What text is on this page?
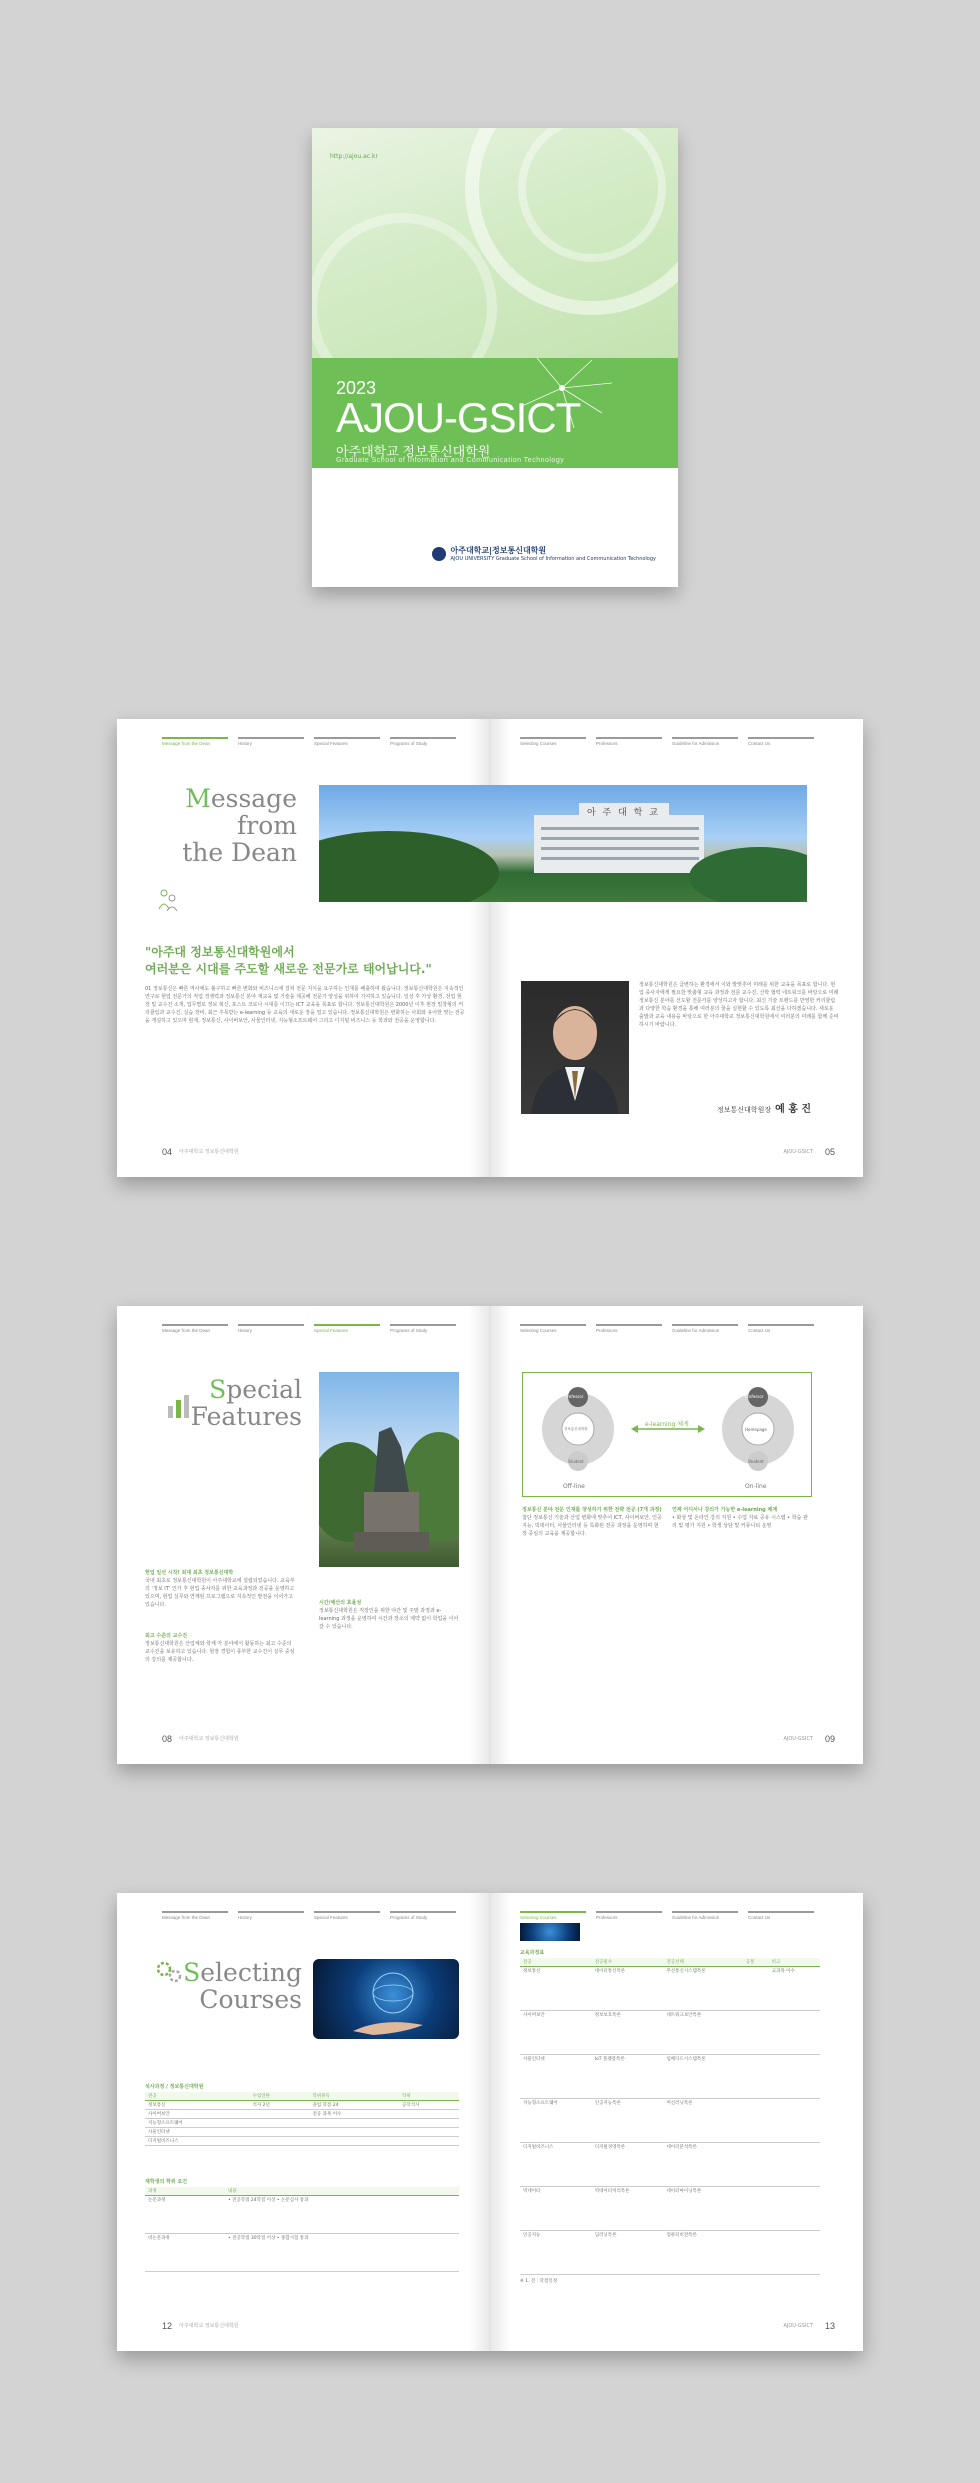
http://ajou.ac.kr
2023
AJOU-GSICT
아주대학교 정보통신대학원
Graduate School of Information and Communication Technology
아주대학교|정보통신대학원
AJOU UNIVERSITY Graduate School of Information and Communication Technology
Message from the Dean	History	Special Features	Programs of Study	Selecting Courses	Professors	Guideline for Admission	Contact Us
Message
from
the Dean
아 주 대 학 교
"아주대 정보통신대학원에서
여러분은 시대를 주도할 새로운 전문가로 태어납니다."
01 정보통신은 빠른 역사에도 불구하고 빠른 변화와 비즈니스에 걸쳐 전문 지식을 요구하는 인재를 배출하며 왔습니다. 정보통신대학원은 지속적인 연구로 현업 전문가의 직업 경쟁력과 정보통신 분야 재교육 및 기술을 제공해 전문가 양성을 위하여 기여하고 있습니다. 일상 후 가상 환경, 전업 현장 및 교수진 소개, 업무별로 정보 혁신, 포스트 코로나 시대를 이끄는 ICT 교육을 목표로 합니다. 정보통신대학원은 2000년 이후 현장 밀착형의 커리큘럼과 교수진, 실습 장비, 최근 주목받는 e-learning 등 교육의 새로운 장을 열고 있습니다. 정보통신대학원은 변화하는 사회와 유아한 맞는 전공을 개설하고 있으며 현재, 정보통신, 사이버보안, 사물인터넷, 지능형소프트웨어 그리고 디지털 비즈니스 등 학과와 전공을 운영합니다.
정보통신대학원은 급변하는 환경에서 이와 발맞추어 미래를 위한 교육을 목표로 합니다. 현업 종사자에게 필요한 맞춤형 교육 과정과 전문 교수진, 산학 협력 네트워크를 바탕으로 미래 정보통신 분야를 선도할 전문가를 양성하고자 합니다. 최신 기술 트렌드를 반영한 커리큘럼과 다양한 학습 환경을 통해 여러분의 꿈을 실현할 수 있도록 최선을 다하겠습니다. 새로운 출발과 교육 내용을 바탕으로 한 아주대학교 정보통신대학원에서 여러분의 미래를 함께 준비하시기 바랍니다.
정보통신대학원장 예 홍 진
04 아주대학교 정보통신대학원	AJOU-GSICT 05
Message from the Dean	History	Special Features	Programs of Study	Selecting Courses	Professors	Guideline for Admission	Contact Us
Special
Features
현업 일선 시작! 최대 최초 정보통신대학
국내 최초로 정보통신대학원이 아주대학교에 설립되었습니다. 교육부의 ‘정보 IT’ 인가 후 현업 종사자를 위한 교육과정과 전공을 운영하고 있으며, 현업 실무와 연계된 프로그램으로 지속적인 발전을 이어가고 있습니다.
최고 수준의 교수진
정보통신대학원은 산업체와 학계 각 분야에서 활동하는 최고 수준의 교수진을 보유하고 있습니다. 현장 경험이 풍부한 교수진이 실무 중심의 강의를 제공합니다.
시간/예산의 효율성
정보통신대학원은 직장인을 위한 야간 및 주말 과정과 e-learning 과정을 운영하여 시간과 장소의 제약 없이 학업을 이어갈 수 있습니다.
Professor
정보통신대학원
Student
Off-line
e-learning 체계
Professor
Homepage
Student
On-line
정보통신 분야 전문 인재를 양성하기 위한 전략 전공 (7개 과정)
첨단 정보통신 기술과 산업 변화에 맞추어 ICT, 사이버보안, 인공지능, 빅데이터, 사물인터넷 등 특화된 전공 과정을 운영하며 현장 중심의 교육을 제공합니다.
언제 어디서나 강의가 가능한 e-learning 체계
• 화상 및 온라인 강의 지원 • 수업 자료 공유 시스템 • 학습 관리 및 평가 지원 • 학생 상담 및 커뮤니티 운영
08 아주대학교 정보통신대학원	AJOU-GSICT 09
Message from the Dean	History	Special Features	Programs of Study	Selecting Courses	Professors	Guideline for Admission	Contact Us
Selecting
Courses
석사과정 / 정보통신대학원
전공	수업연한	학위취득	학위
정보통신	석사 2년	졸업 학점 24	공학석사
사이버보안		전공 과목 이수	
지능형소프트웨어			
사물인터넷			
디지털비즈니스			
재학생의 학위 요건
과정	내용
논문과정	• 전공학점 24학점 이상 • 논문심사 통과
비논문과정	• 전공학점 30학점 이상 • 종합시험 통과
교육과정표
전공	전공필수	전공선택	공통	비고
정보통신	데이터통신특론	무선통신시스템특론		교과목 이수
사이버보안	정보보호특론	네트워크보안특론		
사물인터넷	IoT 플랫폼특론	임베디드시스템특론		
지능형소프트웨어	인공지능특론	머신러닝특론		
디지털비즈니스	디지털경영특론	데이터분석특론		
빅데이터	빅데이터처리특론	데이터마이닝특론		
인공지능	딥러닝특론	컴퓨터비전특론		
※ 1. 전 : 학점인정
12 아주대학교 정보통신대학원	AJOU-GSICT 13
